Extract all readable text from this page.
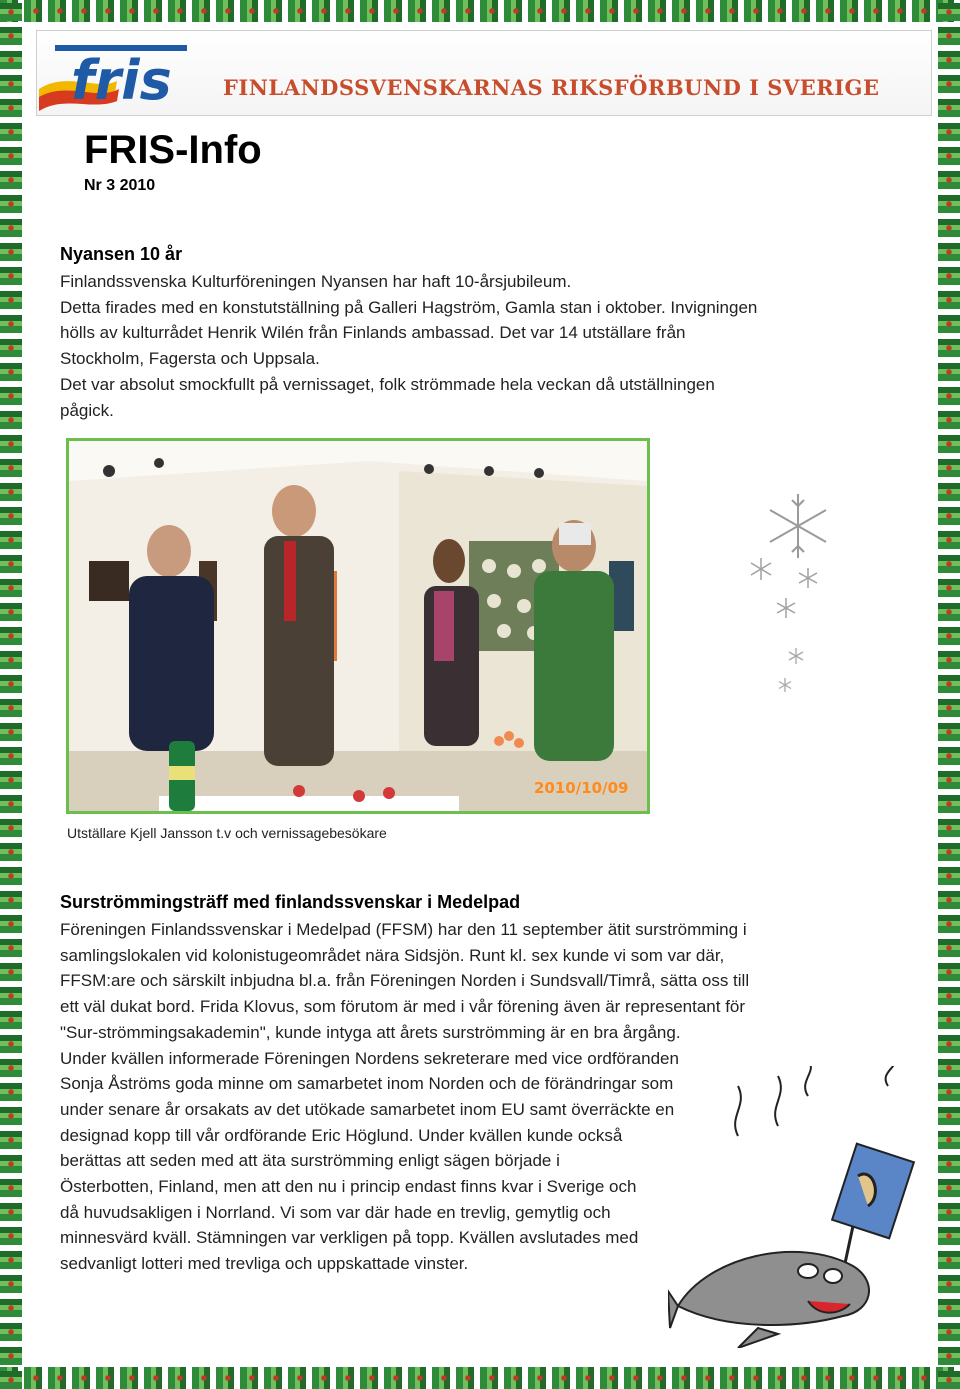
fris FINLANDSSVENSKARNAS RIKSFÖRBUND I SVERIGE
FRIS-Info
Nr 3 2010
Nyansen 10 år
Finlandssvenska Kulturföreningen Nyansen har haft 10-årsjubileum.
Detta firades med en konstutställning på Galleri Hagström, Gamla stan i oktober. Invigningen
hölls av kulturrådet Henrik Wilén från Finlands ambassad. Det var 14 utställare från
Stockholm, Fagersta och Uppsala.
Det var absolut smockfullt på vernissaget, folk strömmade hela veckan då utställningen
pågick.
2010/10/09
Utställare Kjell Jansson t.v och vernissagebesökare
Surströmmingsträff med finlandssvenskar i Medelpad
Föreningen Finlandssvenskar i Medelpad (FFSM) har den 11 september ätit surströmming i
samlingslokalen vid kolonistugeområdet nära Sidsjön. Runt kl. sex kunde vi som var där,
FFSM:are och särskilt inbjudna bl.a. från Föreningen Norden i Sundsvall/Timrå, sätta oss till
ett väl dukat bord. Frida Klovus, som förutom är med i vår förening även är representant för
"Sur-strömmingsakademin", kunde intyga att årets surströmming är en bra årgång.
Under kvällen informerade Föreningen Nordens sekreterare med vice ordföranden
Sonja Åströms goda minne om samarbetet inom Norden och de förändringar som
under senare år orsakats av det utökade samarbetet inom EU samt överräckte en
designad kopp till vår ordförande Eric Höglund. Under kvällen kunde också
berättas att seden med att äta surströmming enligt sägen började i
Österbotten, Finland, men att den nu i princip endast finns kvar i Sverige och
då huvudsakligen i Norrland. Vi som var där hade en trevlig, gemytlig och
minnesvärd kväll. Stämningen var verkligen på topp. Kvällen avslutades med
sedvanligt lotteri med trevliga och uppskattade vinster.
